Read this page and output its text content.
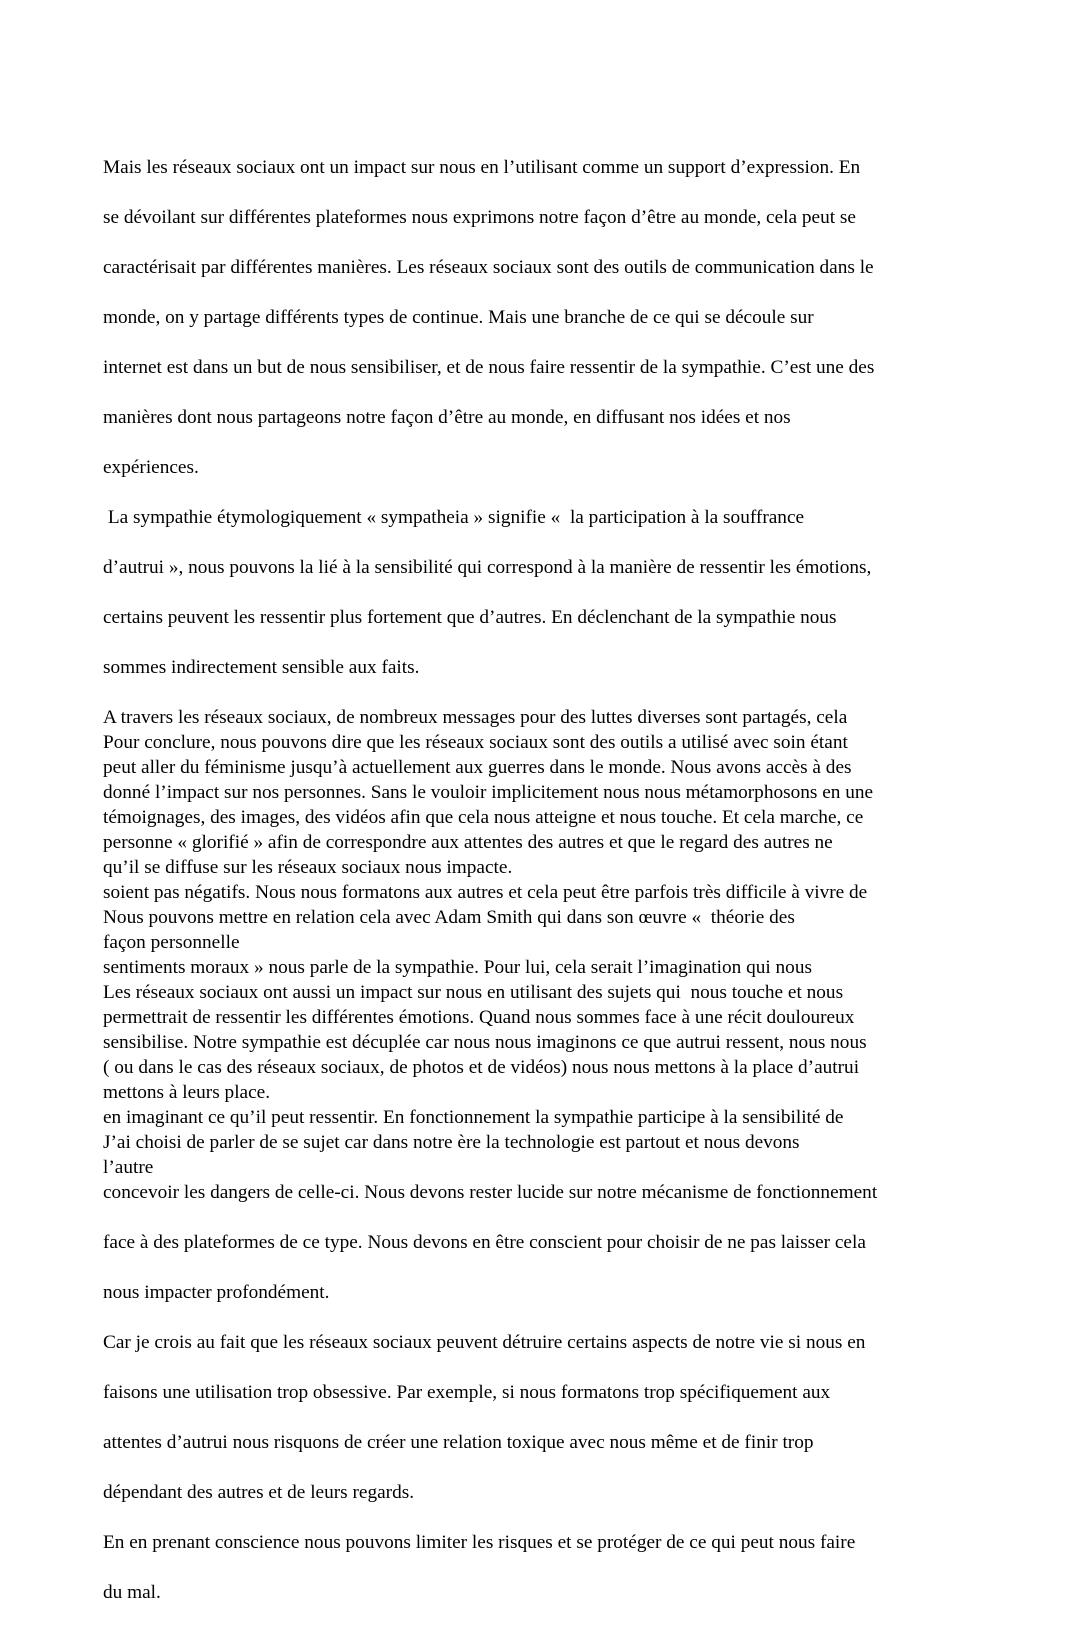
Mais les réseaux sociaux ont un impact sur nous en l’utilisant comme un support d’expression. En

se dévoilant sur différentes plateformes nous exprimons notre façon d’être au monde, cela peut se

caractérisait par différentes manières. Les réseaux sociaux sont des outils de communication dans le

monde, on y partage différents types de continue. Mais une branche de ce qui se découle sur

internet est dans un but de nous sensibiliser, et de nous faire ressentir de la sympathie. C’est une des

manières dont nous partageons notre façon d’être au monde, en diffusant nos idées et nos

expériences.

La sympathie étymologiquement « sympatheia » signifie «  la participation à la souffrance

d’autrui », nous pouvons la lié à la sensibilité qui correspond à la manière de ressentir les émotions,

certains peuvent les ressentir plus fortement que d’autres. En déclenchant de la sympathie nous

sommes indirectement sensible aux faits.

A travers les réseaux sociaux, de nombreux messages pour des luttes diverses sont partagés, cela

peut aller du féminisme jusqu’à actuellement aux guerres dans le monde. Nous avons accès à des

témoignages, des images, des vidéos afin que cela nous atteigne et nous touche. Et cela marche, ce

qu’il se diffuse sur les réseaux sociaux nous impacte.

Nous pouvons mettre en relation cela avec Adam Smith qui dans son œuvre «  théorie des

sentiments moraux » nous parle de la sympathie. Pour lui, cela serait l’imagination qui nous

permettrait de ressentir les différentes émotions. Quand nous sommes face à une récit douloureux

( ou dans le cas des réseaux sociaux, de photos et de vidéos) nous nous mettons à la place d’autrui

en imaginant ce qu’il peut ressentir. En fonctionnement la sympathie participe à la sensibilité de

l’autre

Pour conclure, nous pouvons dire que les réseaux sociaux sont des outils a utilisé avec soin étant

donné l’impact sur nos personnes. Sans le vouloir implicitement nous nous métamorphosons en une

personne « glorifié » afin de correspondre aux attentes des autres et que le regard des autres ne

soient pas négatifs. Nous nous formatons aux autres et cela peut être parfois très difficile à vivre de

façon personnelle

Les réseaux sociaux ont aussi un impact sur nous en utilisant des sujets qui  nous touche et nous

sensibilise. Notre sympathie est décuplée car nous nous imaginons ce que autrui ressent, nous nous

mettons à leurs place.

J’ai choisi de parler de se sujet car dans notre ère la technologie est partout et nous devons

concevoir les dangers de celle-ci. Nous devons rester lucide sur notre mécanisme de fonctionnement

face à des plateformes de ce type. Nous devons en être conscient pour choisir de ne pas laisser cela

nous impacter profondément.

Car je crois au fait que les réseaux sociaux peuvent détruire certains aspects de notre vie si nous en

faisons une utilisation trop obsessive. Par exemple, si nous formatons trop spécifiquement aux

attentes d’autrui nous risquons de créer une relation toxique avec nous même et de finir trop

dépendant des autres et de leurs regards.

En en prenant conscience nous pouvons limiter les risques et se protéger de ce qui peut nous faire

du mal.
